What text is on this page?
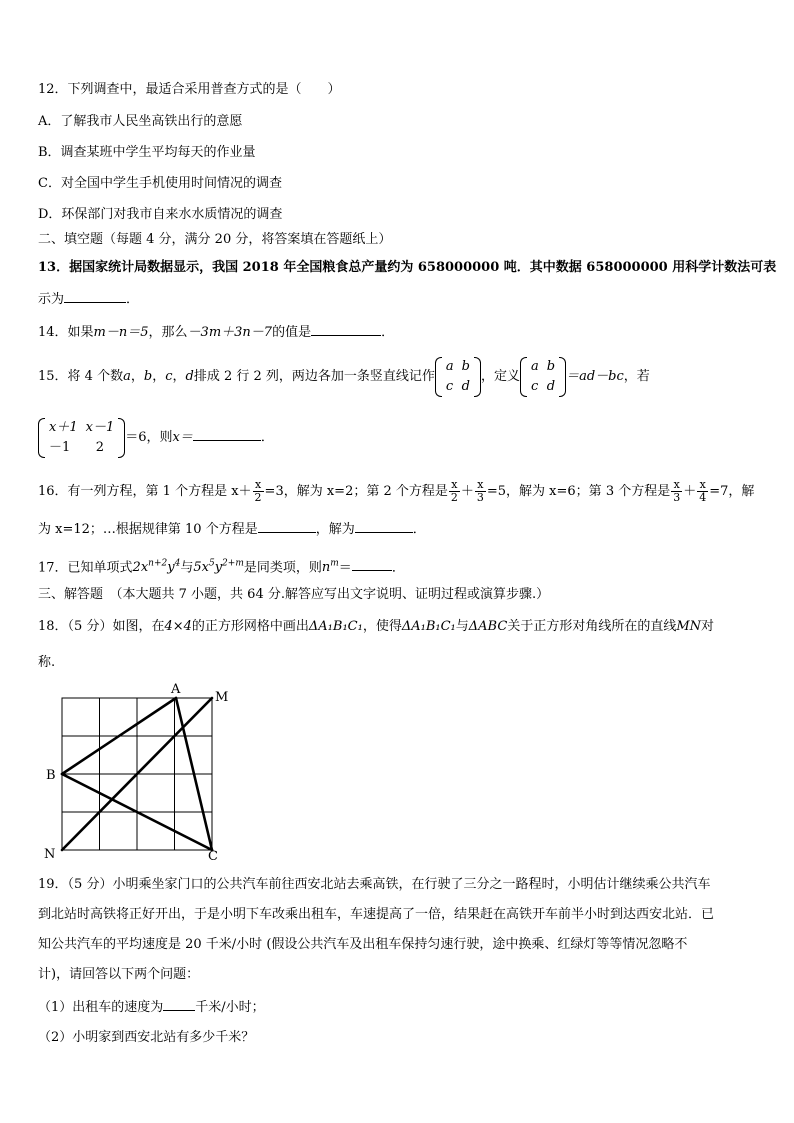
12．下列调查中，最适合采用普查方式的是（　　）
A．了解我市人民坐高铁出行的意愿
B．调查某班中学生平均每天的作业量
C．对全国中学生手机使用时间情况的调查
D．环保部门对我市自来水水质情况的调查
二、填空题（每题 4 分，满分 20 分，将答案填在答题纸上）
13．据国家统计局数据显示，我国 2018 年全国粮食总产量约为 658000000 吨．其中数据 658000000 用科学计数法可表
示为	．
14．如果m－n＝5，那么－3m＋3n－7的值是	．
15．将 4 个数a，b，c，d排成 2 行 2 列，两边各加一条竖直线记作
a	b
c	d
，定义
a	b
c	d
＝ad－bc，若
x＋1	x－1
－1	2
＝6，则x＝	．
16．有一列方程，第 1 个方程是 $x+ \frac{x}{2} =3$，解为 x=2；第 2 个方程是 $\frac{x}{2} + \frac{x}{3} =5$，解为 x=6；第 3 个方程是 $\frac{x}{3} + \frac{x}{4} =7$，解
为 x=12；…根据规律第 10 个方程是	，解为	．
17．已知单项式$2x^{n+2}y^4$与$5x^5y^{2+m}$是同类项，则$n^m=$	．
三、解答题　（本大题共 7 小题，共 64 分.解答应写出文字说明、证明过程或演算步骤.）
18．（5 分）如图，在4×4的正方形网格中画出ΔA₁B₁C₁，使得ΔA₁B₁C₁与ΔABC关于正方形对角线所在的直线MN对
称.
A
M
B
N	C
19．（5 分）小明乘坐家门口的公共汽车前往西安北站去乘高铁，在行驶了三分之一路程时，小明估计继续乘公共汽车
到北站时高铁将正好开出，于是小明下车改乘出租车，车速提高了一倍，结果赶在高铁开车前半小时到达西安北站．已
知公共汽车的平均速度是 20 千米/小时 (假设公共汽车及出租车保持匀速行驶，途中换乘、红绿灯等等情况忽略不
计)，请回答以下两个问题：
（1）出租车的速度为 千米/小时；
（2）小明家到西安北站有多少千米？
